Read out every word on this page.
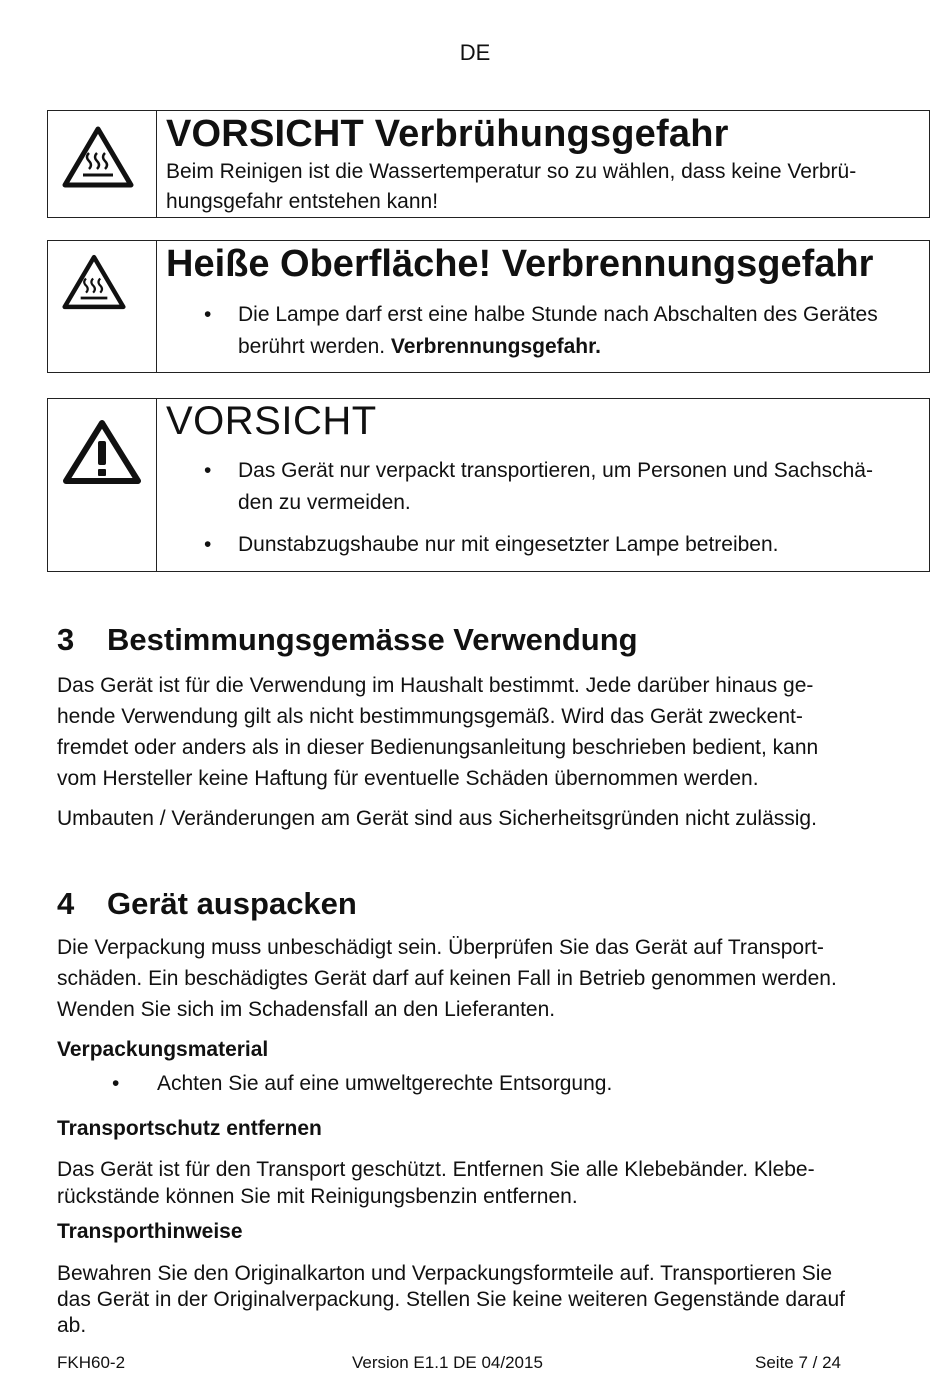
DE
VORSICHT Verbrühungsgefahr
Beim Reinigen ist die Wassertemperatur so zu wählen, dass keine Verbrü-
hungsgefahr entstehen kann!
Heiße Oberfläche! Verbrennungsgefahr
• Die Lampe darf erst eine halbe Stunde nach Abschalten des Gerätes
berührt werden. Verbrennungsgefahr.
VORSICHT
• Das Gerät nur verpackt transportieren, um Personen und Sachschä-
den zu vermeiden.
• Dunstabzugshaube nur mit eingesetzter Lampe betreiben.
3 Bestimmungsgemässe Verwendung
Das Gerät ist für die Verwendung im Haushalt bestimmt. Jede darüber hinaus ge-
hende Verwendung gilt als nicht bestimmungsgemäß. Wird das Gerät zweckent-
fremdet oder anders als in dieser Bedienungsanleitung beschrieben bedient, kann
vom Hersteller keine Haftung für eventuelle Schäden übernommen werden.
Umbauten / Veränderungen am Gerät sind aus Sicherheitsgründen nicht zulässig.
4 Gerät auspacken
Die Verpackung muss unbeschädigt sein. Überprüfen Sie das Gerät auf Transport-
schäden. Ein beschädigtes Gerät darf auf keinen Fall in Betrieb genommen werden.
Wenden Sie sich im Schadensfall an den Lieferanten.
Verpackungsmaterial
• Achten Sie auf eine umweltgerechte Entsorgung.
Transportschutz entfernen
Das Gerät ist für den Transport geschützt. Entfernen Sie alle Klebebänder. Klebe-
rückstände können Sie mit Reinigungsbenzin entfernen.
Transporthinweise
Bewahren Sie den Originalkarton und Verpackungsformteile auf. Transportieren Sie
das Gerät in der Originalverpackung. Stellen Sie keine weiteren Gegenstände darauf
ab.
FKH60-2	Version E1.1 DE 04/2015	Seite 7 / 24
